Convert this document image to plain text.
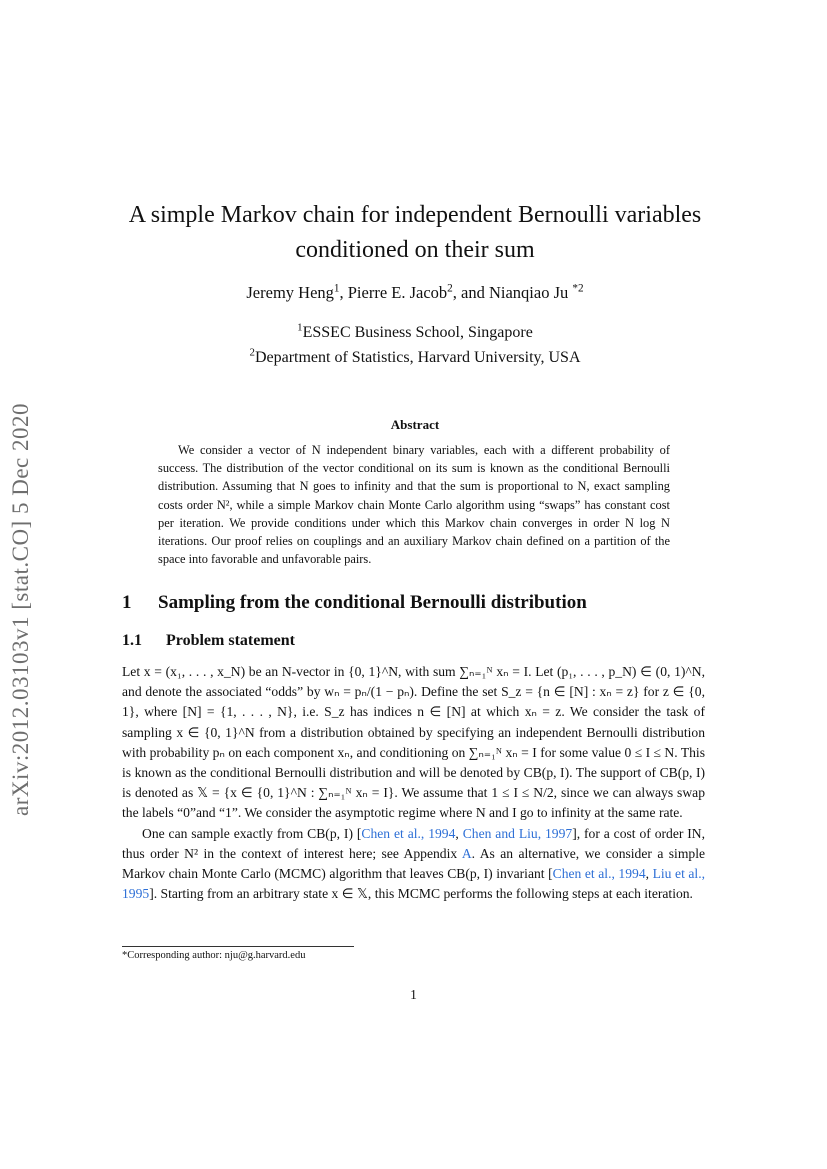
arXiv:2012.03103v1 [stat.CO] 5 Dec 2020
A simple Markov chain for independent Bernoulli variables
conditioned on their sum
Jeremy Heng$^1$, Pierre E. Jacob$^2$, and Nianqiao Ju $^{*2}$
$^1$ESSEC Business School, Singapore
$^2$Department of Statistics, Harvard University, USA
Abstract
We consider a vector of N independent binary variables, each with a different probability of success. The distribution of the vector conditional on its sum is known as the conditional Bernoulli distribution. Assuming that N goes to infinity and that the sum is proportional to N, exact sampling costs order N², while a simple Markov chain Monte Carlo algorithm using “swaps” has constant cost per iteration. We provide conditions under which this Markov chain converges in order N log N iterations. Our proof relies on couplings and an auxiliary Markov chain defined on a partition of the space into favorable and unfavorable pairs.
1 Sampling from the conditional Bernoulli distribution
1.1 Problem statement

Let x = (x₁, . . . , x_N) be an N-vector in {0, 1}^N, with sum ∑ₙ₌₁ᴺ xₙ = I. Let (p₁, . . . , p_N) ∈ (0, 1)^N, and denote the associated “odds” by wₙ = pₙ/(1 − pₙ). Define the set S_z = {n ∈ [N] : xₙ = z} for z ∈ {0, 1}, where [N] = {1, . . . , N}, i.e. S_z has indices n ∈ [N] at which xₙ = z. We consider the task of sampling x ∈ {0, 1}^N from a distribution obtained by specifying an independent Bernoulli distribution with probability pₙ on each component xₙ, and conditioning on ∑ₙ₌₁ᴺ xₙ = I for some value 0 ≤ I ≤ N. This is known as the conditional Bernoulli distribution and will be denoted by CB(p, I). The support of CB(p, I) is denoted as 𝕏 = {x ∈ {0, 1}^N : ∑ₙ₌₁ᴺ xₙ = I}. We assume that 1 ≤ I ≤ N/2, since we can always swap the labels “0”and “1”. We consider the asymptotic regime where N and I go to infinity at the same rate.

One can sample exactly from CB(p, I) [Chen et al., 1994, Chen and Liu, 1997], for a cost of order IN, thus order N² in the context of interest here; see Appendix A. As an alternative, we consider a simple Markov chain Monte Carlo (MCMC) algorithm that leaves CB(p, I) invariant [Chen et al., 1994, Liu et al., 1995]. Starting from an arbitrary state x ∈ 𝕏, this MCMC performs the following steps at each iteration.

*Corresponding author: nju@g.harvard.edu
1
